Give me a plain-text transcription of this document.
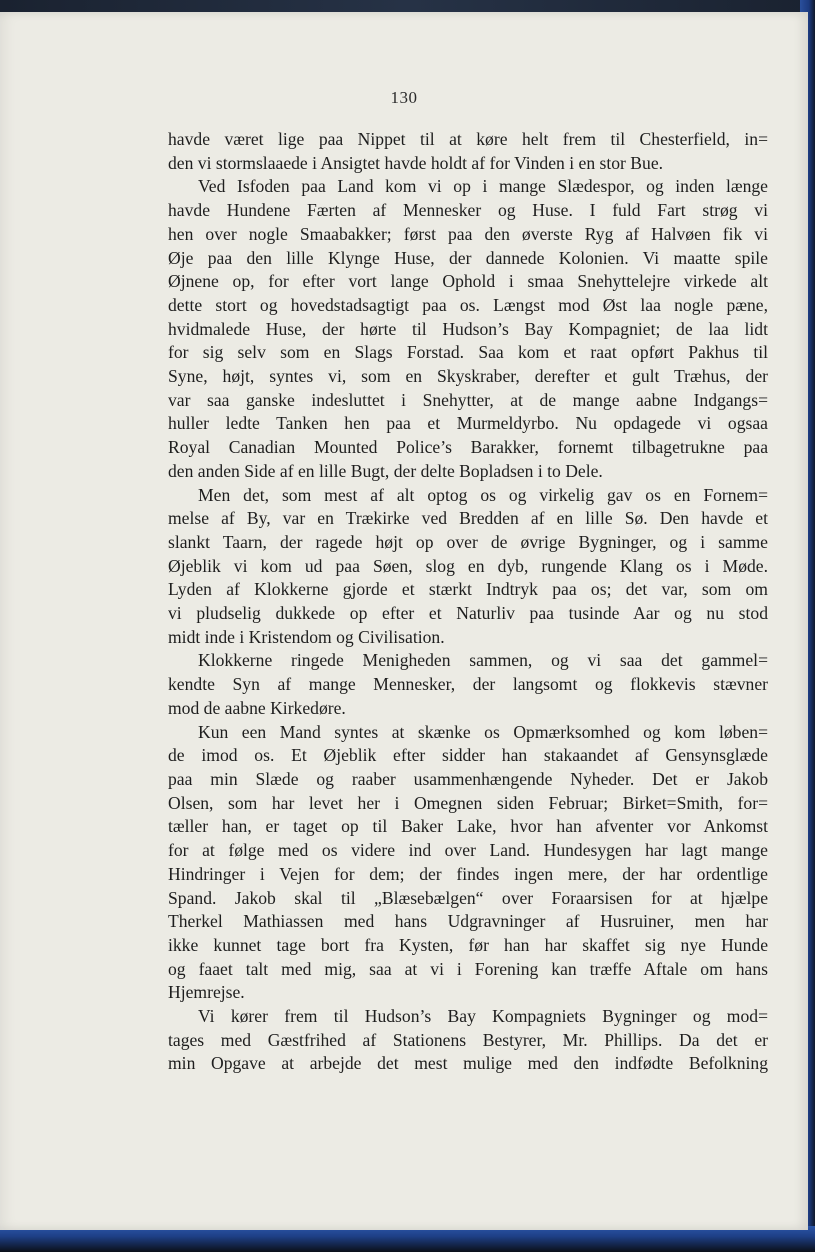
130
havde været lige paa Nippet til at køre helt frem til Chesterfield, in=
den vi stormslaaede i Ansigtet havde holdt af for Vinden i en stor Bue.
Ved Isfoden paa Land kom vi op i mange Slædespor, og inden længe
havde Hundene Færten af Mennesker og Huse. I fuld Fart strøg vi
hen over nogle Smaabakker; først paa den øverste Ryg af Halvøen fik vi
Øje paa den lille Klynge Huse, der dannede Kolonien. Vi maatte spile
Øjnene op, for efter vort lange Ophold i smaa Snehyttelejre virkede alt
dette stort og hovedstadsagtigt paa os. Længst mod Øst laa nogle pæne,
hvidmalede Huse, der hørte til Hudson’s Bay Kompagniet; de laa lidt
for sig selv som en Slags Forstad. Saa kom et raat opført Pakhus til
Syne, højt, syntes vi, som en Skyskraber, derefter et gult Træhus, der
var saa ganske indesluttet i Snehytter, at de mange aabne Indgangs=
huller ledte Tanken hen paa et Murmeldyrbo. Nu opdagede vi ogsaa
Royal Canadian Mounted Police’s Barakker, fornemt tilbagetrukne paa
den anden Side af en lille Bugt, der delte Bopladsen i to Dele.
Men det, som mest af alt optog os og virkelig gav os en Fornem=
melse af By, var en Trækirke ved Bredden af en lille Sø. Den havde et
slankt Taarn, der ragede højt op over de øvrige Bygninger, og i samme
Øjeblik vi kom ud paa Søen, slog en dyb, rungende Klang os i Møde.
Lyden af Klokkerne gjorde et stærkt Indtryk paa os; det var, som om
vi pludselig dukkede op efter et Naturliv paa tusinde Aar og nu stod
midt inde i Kristendom og Civilisation.
Klokkerne ringede Menigheden sammen, og vi saa det gammel=
kendte Syn af mange Mennesker, der langsomt og flokkevis stævner
mod de aabne Kirkedøre.
Kun een Mand syntes at skænke os Opmærksomhed og kom løben=
de imod os. Et Øjeblik efter sidder han stakaandet af Gensynsglæde
paa min Slæde og raaber usammenhængende Nyheder. Det er Jakob
Olsen, som har levet her i Omegnen siden Februar; Birket=Smith, for=
tæller han, er taget op til Baker Lake, hvor han afventer vor Ankomst
for at følge med os videre ind over Land. Hundesygen har lagt mange
Hindringer i Vejen for dem; der findes ingen mere, der har ordentlige
Spand. Jakob skal til „Blæsebælgen“ over Foraarsisen for at hjælpe
Therkel Mathiassen med hans Udgravninger af Husruiner, men har
ikke kunnet tage bort fra Kysten, før han har skaffet sig nye Hunde
og faaet talt med mig, saa at vi i Forening kan træffe Aftale om hans
Hjemrejse.
Vi kører frem til Hudson’s Bay Kompagniets Bygninger og mod=
tages med Gæstfrihed af Stationens Bestyrer, Mr. Phillips. Da det er
min Opgave at arbejde det mest mulige med den indfødte Befolkning
